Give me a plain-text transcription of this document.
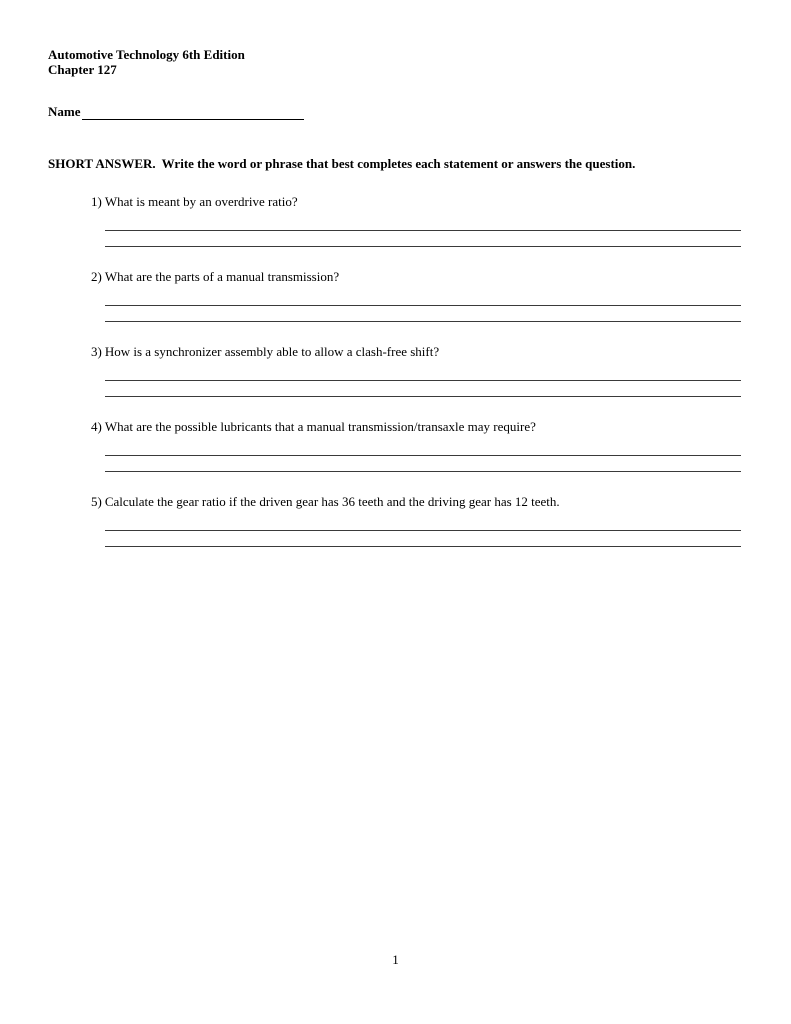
Automotive Technology 6th Edition
Chapter 127
Name
SHORT ANSWER. Write the word or phrase that best completes each statement or answers the question.
1) What is meant by an overdrive ratio?
2) What are the parts of a manual transmission?
3) How is a synchronizer assembly able to allow a clash-free shift?
4) What are the possible lubricants that a manual transmission/transaxle may require?
5) Calculate the gear ratio if the driven gear has 36 teeth and the driving gear has 12 teeth.
1
